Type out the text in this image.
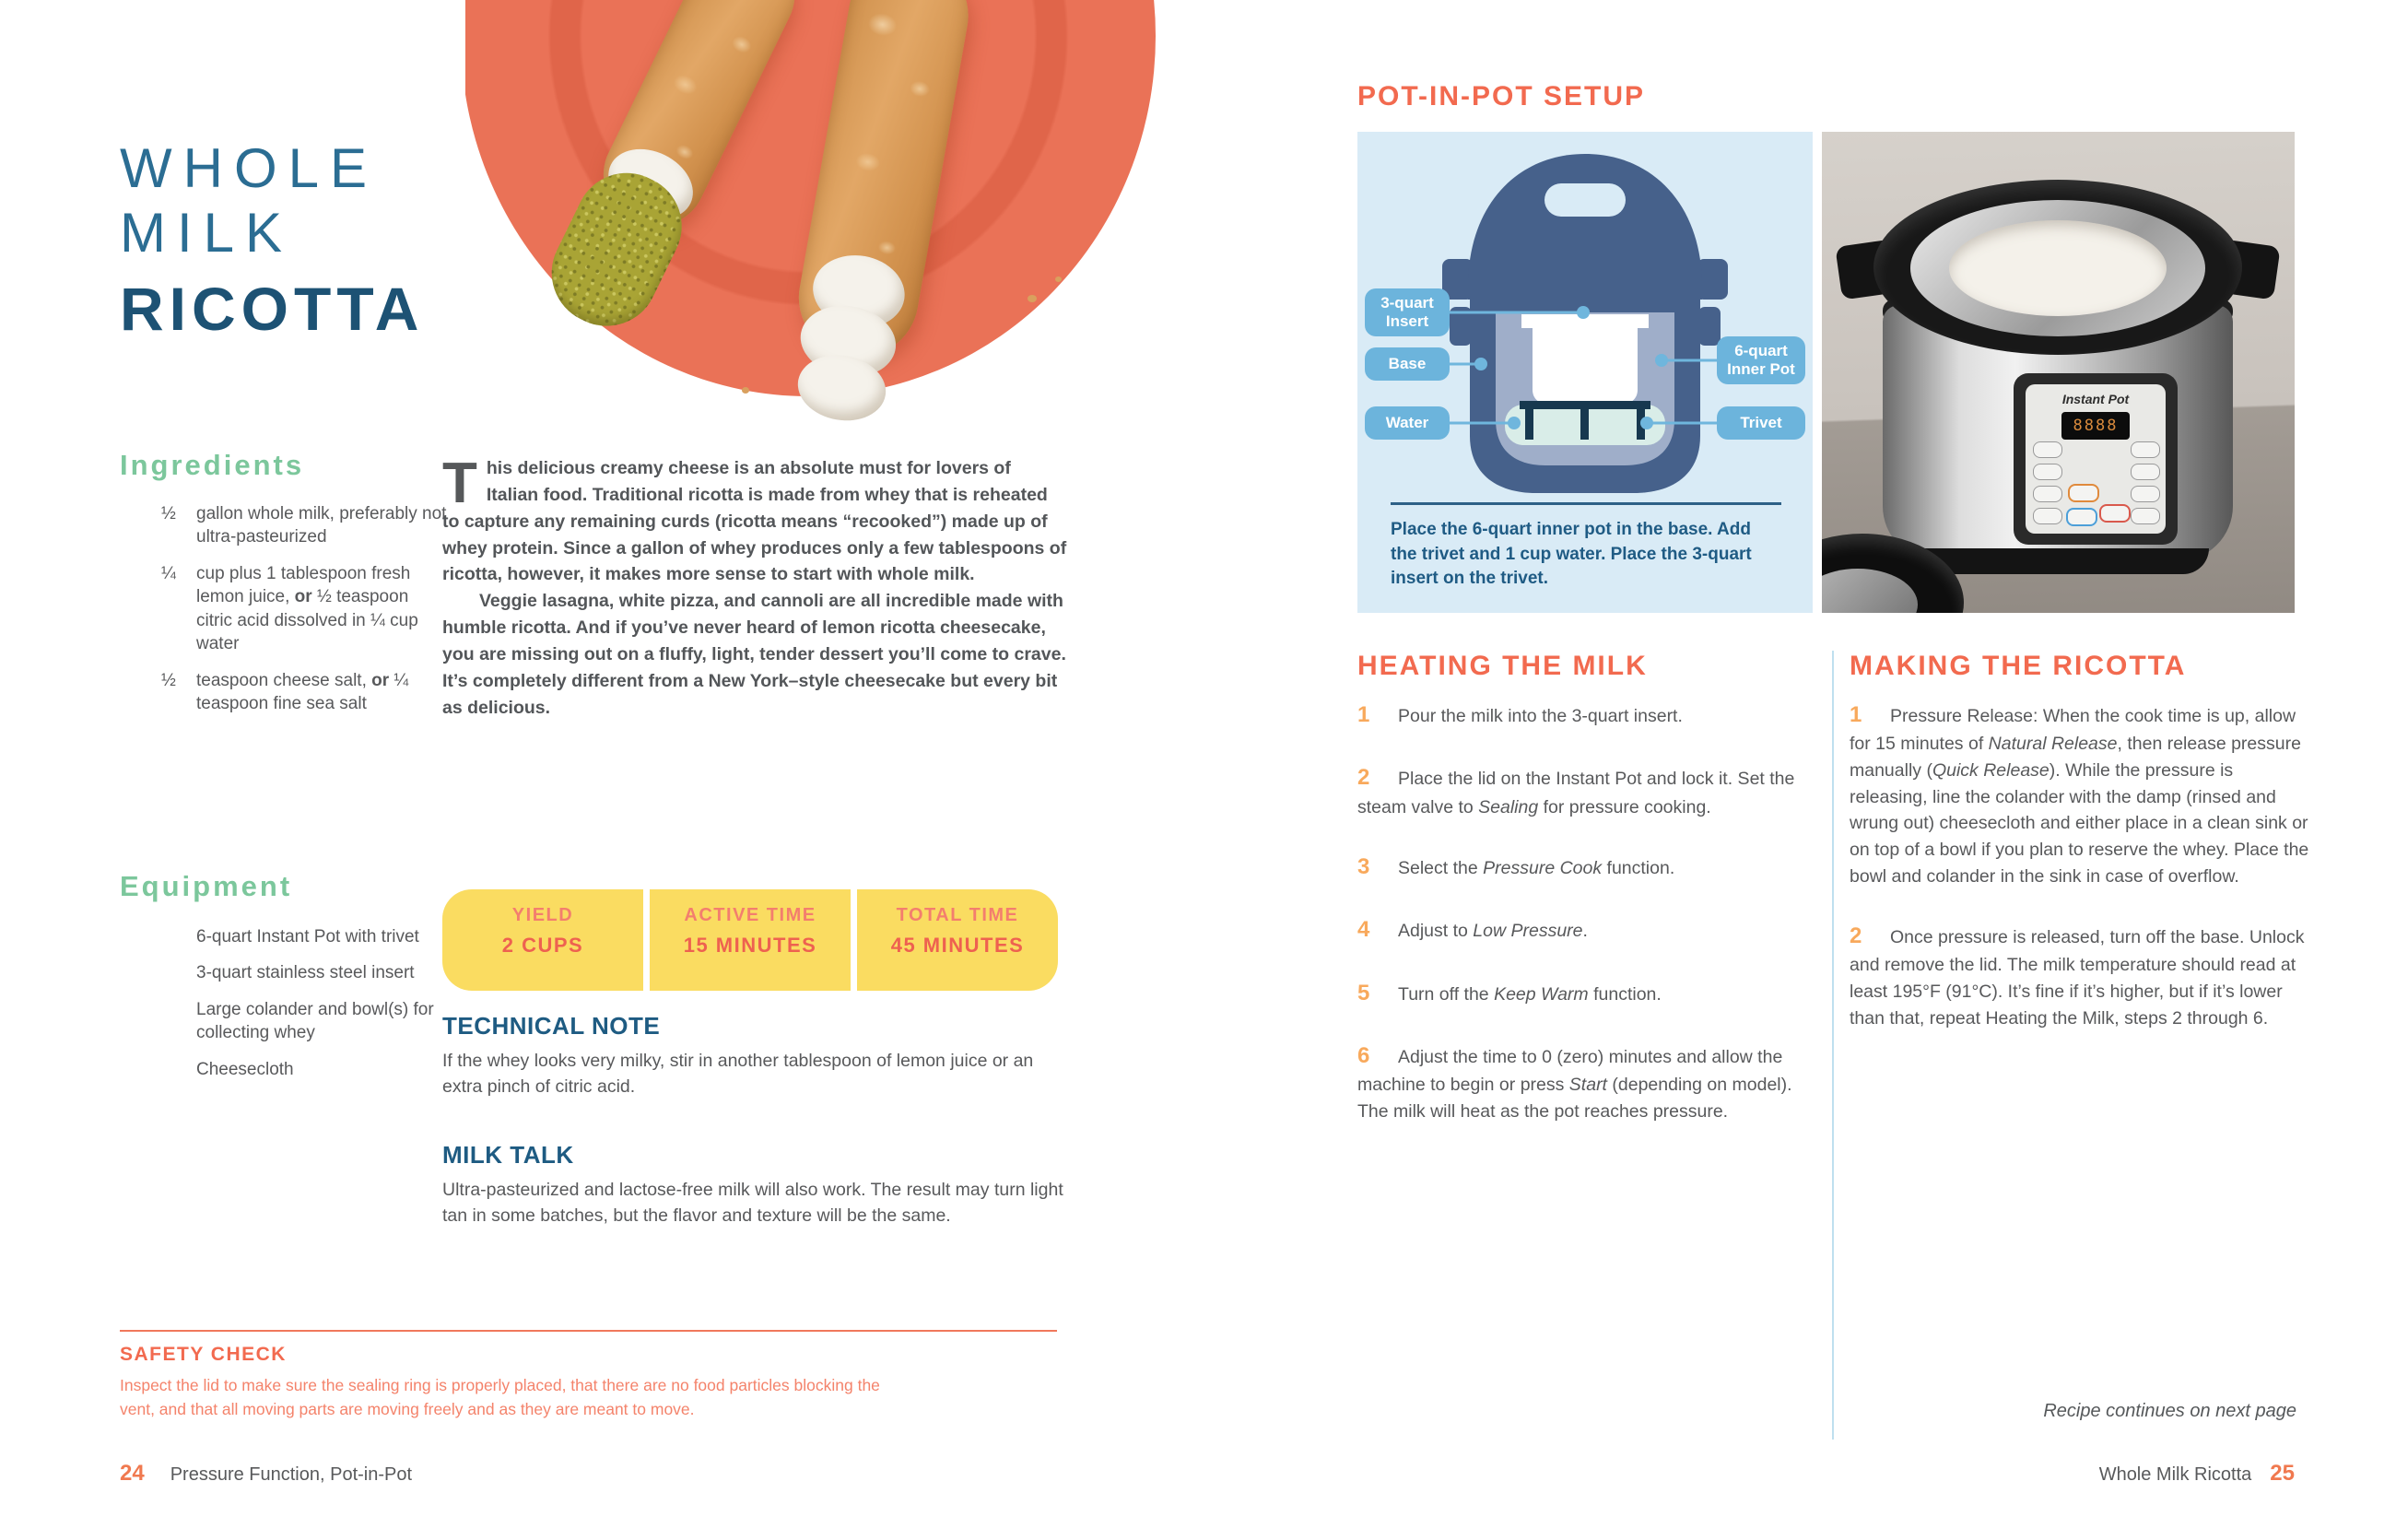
WHOLE
MILK
RICOTTA
Ingredients
½	gallon whole milk, preferably not ultra-pasteurized
¼	cup plus 1 tablespoon fresh lemon juice, or ½ teaspoon citric acid dissolved in ¼ cup water
½	teaspoon cheese salt, or ¼ teaspoon fine sea salt
Equipment
6-quart Instant Pot with trivet
3-quart stainless steel insert
Large colander and bowl(s) for collecting whey
Cheesecloth

This delicious creamy cheese is an absolute must for lovers of Italian food. Traditional ricotta is made from whey that is reheated to capture any remaining curds (ricotta means “recooked”) made up of whey protein. Since a gallon of whey produces only a few tablespoons of ricotta, however, it makes more sense to start with whole milk.

Veggie lasagna, white pizza, and cannoli are all incredible made with humble ricotta. And if you’ve never heard of lemon ricotta cheesecake, you are missing out on a fluffy, light, tender dessert you’ll come to crave. It’s completely different from a New York–style cheesecake but every bit as delicious.

YIELD
2 CUPS
ACTIVE TIME
15 MINUTES
TOTAL TIME
45 MINUTES
TECHNICAL NOTE
If the whey looks very milky, stir in another tablespoon of lemon juice or an extra pinch of citric acid.
MILK TALK
Ultra-pasteurized and lactose-free milk will also work. The result may turn light tan in some batches, but the flavor and texture will be the same.
SAFETY CHECK
Inspect the lid to make sure the sealing ring is properly placed, that there are no food particles blocking the vent, and that all moving parts are moving freely and as they are meant to move.
24 Pressure Function, Pot-in-Pot
POT-IN-POT SETUP
3-quart Insert
Base
Water
6-quart Inner Pot
Trivet
Place the 6-quart inner pot in the base. Add the trivet and 1 cup water. Place the 3-quart insert on the trivet.
Instant Pot
8888
HEATING THE MILK

1 Pour the milk into the 3-quart insert.

2 Place the lid on the Instant Pot and lock it. Set the steam valve to Sealing for pressure cooking.

3 Select the Pressure Cook function.

4 Adjust to Low Pressure.

5 Turn off the Keep Warm function.

6 Adjust the time to 0 (zero) minutes and allow the machine to begin or press Start (depending on model). The milk will heat as the pot reaches pressure.

MAKING THE RICOTTA

1 Pressure Release: When the cook time is up, allow for 15 minutes of Natural Release, then release pressure manually (Quick Release). While the pressure is releasing, line the colander with the damp (rinsed and wrung out) cheesecloth and either place in a clean sink or on top of a bowl if you plan to reserve the whey. Place the bowl and colander in the sink in case of overflow.

2 Once pressure is released, turn off the base. Unlock and remove the lid. The milk temperature should read at least 195°F (91°C). It’s fine if it’s higher, but if it’s lower than that, repeat Heating the Milk, steps 2 through 6.

Recipe continues on next page
Whole Milk Ricotta 25
